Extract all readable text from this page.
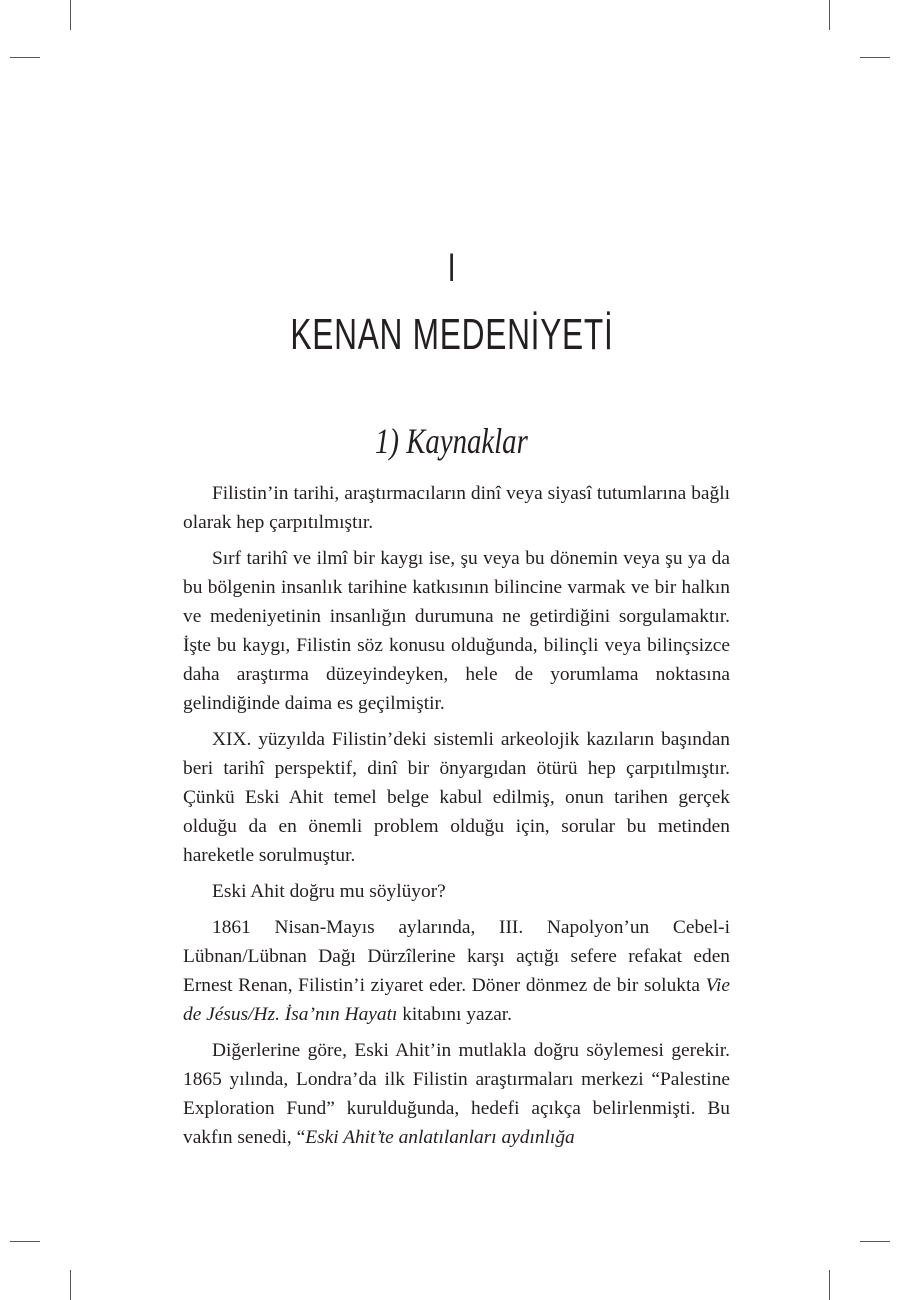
I
KENAN MEDENİYETİ
1) Kaynaklar

Filistin’in tarihi, araştırmacıların dinî veya siyasî tutumlarına bağlı olarak hep çarpıtılmıştır.

Sırf tarihî ve ilmî bir kaygı ise, şu veya bu dönemin veya şu ya da bu bölgenin insanlık tarihine katkısının bilincine varmak ve bir halkın ve medeniyetinin insanlığın durumuna ne getirdiğini sorgulamaktır. İşte bu kaygı, Filistin söz konusu olduğunda, bilinçli veya bilinçsizce daha araştırma düzeyindeyken, hele de yorumlama noktasına gelindiğinde daima es geçilmiştir.

XIX. yüzyılda Filistin’deki sistemli arkeolojik kazıların başından beri tarihî perspektif, dinî bir önyargıdan ötürü hep çarpıtılmıştır. Çünkü Eski Ahit temel belge kabul edilmiş, onun tarihen gerçek olduğu da en önemli problem olduğu için, sorular bu metinden hareketle sorulmuştur.

Eski Ahit doğru mu söylüyor?

1861 Nisan-Mayıs aylarında, III. Napolyon’un Cebel-i Lübnan/Lübnan Dağı Dürzîlerine karşı açtığı sefere refakat eden Ernest Renan, Filistin’i ziyaret eder. Döner dönmez de bir solukta Vie de Jésus/Hz. İsa’nın Hayatı kitabını yazar.

Diğerlerine göre, Eski Ahit’in mutlakla doğru söylemesi gerekir. 1865 yılında, Londra’da ilk Filistin araştırmaları merkezi “Palestine Exploration Fund” kurulduğunda, hedefi açıkça belirlenmişti. Bu vakfın senedi, “Eski Ahit’te anlatılanları aydınlığa
